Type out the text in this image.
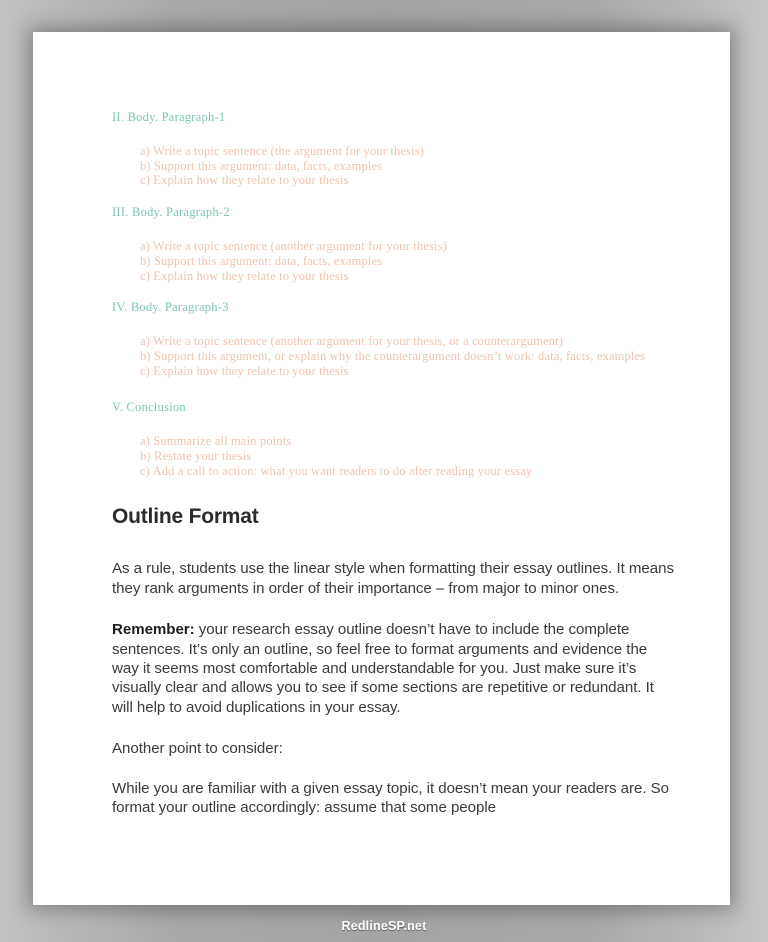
II. Body. Paragraph-1
a) Write a topic sentence (the argument for your thesis)
b) Support this argument: data, facts, examples
c) Explain how they relate to your thesis
III. Body. Paragraph-2
a) Write a topic sentence (another argument for your thesis)
b) Support this argument: data, facts, examples
c) Explain how they relate to your thesis
IV. Body. Paragraph-3
a) Write a topic sentence (another argument for your thesis, or a counterargument)
b) Support this argument, or explain why the counterargument doesn’t work: data, facts, examples
c) Explain how they relate to your thesis
V. Conclusion
a) Summarize all main points
b) Restate your thesis
c) Add a call to action: what you want readers to do after reading your essay
Outline Format

As a rule, students use the linear style when formatting their essay outlines. It means they rank arguments in order of their importance – from major to minor ones.

Remember: your research essay outline doesn’t have to include the complete sentences. It’s only an outline, so feel free to format arguments and evidence the way it seems most comfortable and understandable for you. Just make sure it’s visually clear and allows you to see if some sections are repetitive or redundant. It will help to avoid duplications in your essay.

Another point to consider:

While you are familiar with a given essay topic, it doesn’t mean your readers are. So format your outline accordingly: assume that some people

RedlineSP.net
